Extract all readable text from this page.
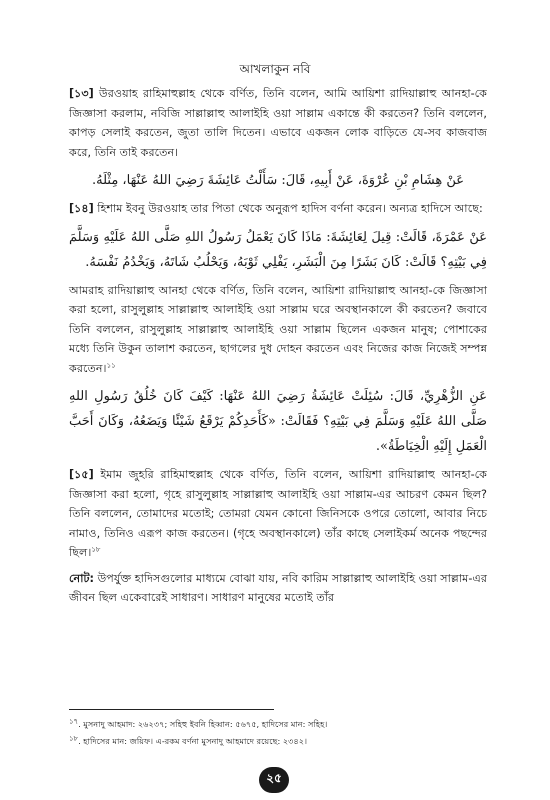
আখলাকুন নবি

[১৩] উরওয়াহ রাহিমাহুল্লাহ থেকে বর্ণিত, তিনি বলেন, আমি আয়িশা রাদিয়াল্লাহু আনহা-কে জিজ্ঞাসা করলাম, নবিজি সাল্লাল্লাহু আলাইহি ওয়া সাল্লাম একান্তে কী করতেন? তিনি বললেন, কাপড় সেলাই করতেন, জুতা তালি দিতেন। এভাবে একজন লোক বাড়িতে যে-সব কাজবাজ করে, তিনি তাই করতেন।

عَنْ هِشَامِ بْنِ عُرْوَةَ، عَنْ أَبِيهِ، قَالَ: سَأَلْتُ عَائِشَةَ رَضِيَ اللهُ عَنْهَا، مِثْلَهُ.

[১৪] হিশাম ইবনু উরওয়াহ তার পিতা থেকে অনুরূপ হাদিস বর্ণনা করেন। অন্যত্র হাদিসে আছে:

عَنْ عَمْرَةَ، قَالَتْ: قِيلَ لِعَائِشَةَ: مَاذَا كَانَ يَعْمَلُ رَسُولُ اللهِ صَلَّى اللهُ عَلَيْهِ وَسَلَّمَ فِي بَيْتِهِ؟ قَالَتْ: كَانَ بَشَرًا مِنَ الْبَشَرِ، يَفْلِي ثَوْبَهُ، وَيَحْلُبُ شَاتَهُ، وَيَخْدُمُ نَفْسَهُ.

আমরাহ রাদিয়াল্লাহু আনহা থেকে বর্ণিত, তিনি বলেন, আয়িশা রাদিয়াল্লাহু আনহা-কে জিজ্ঞাসা করা হলো, রাসুলুল্লাহ সাল্লাল্লাহু আলাইহি ওয়া সাল্লাম ঘরে অবস্থানকালে কী করতেন? জবাবে তিনি বললেন, রাসুলুল্লাহ সাল্লাল্লাহু আলাইহি ওয়া সাল্লাম ছিলেন একজন মানুষ; পোশাকের মধ্যে তিনি উকুন তালাশ করতেন, ছাগলের দুধ দোহন করতেন এবং নিজের কাজ নিজেই সম্পন্ন করতেন।$^{১১}$

عَنِ الزُّهْرِيِّ، قَالَ: سُئِلَتْ عَائِشَةُ رَضِيَ اللهُ عَنْهَا: كَيْفَ كَانَ خُلُقُ رَسُولِ اللهِ صَلَّى اللهُ عَلَيْهِ وَسَلَّمَ فِي بَيْتِهِ؟ فَقَالَتْ: «كَأَحَدِكُمْ يَرْقَعُ شَيْئًا وَيَضَعُهُ، وَكَانَ أَحَبَّ الْعَمَلِ إِلَيْهِ الْخِيَاطَةُ».

[১৫] ইমাম জুহরি রাহিমাহুল্লাহ থেকে বর্ণিত, তিনি বলেন, আয়িশা রাদিয়াল্লাহু আনহা-কে জিজ্ঞাসা করা হলো, গৃহে রাসুলুল্লাহ সাল্লাল্লাহু আলাইহি ওয়া সাল্লাম-এর আচরণ কেমন ছিল? তিনি বললেন, তোমাদের মতোই; তোমরা যেমন কোনো জিনিসকে ওপরে তোলো, আবার নিচে নামাও, তিনিও এরূপ কাজ করতেন। (গৃহে অবস্থানকালে) তাঁর কাছে সেলাইকর্ম অনেক পছন্দের ছিল।$^{১৮}$

নোট: উপর্যুক্ত হাদিসগুলোর মাধ্যমে বোঝা যায়, নবি কারিম সাল্লাল্লাহু আলাইহি ওয়া সাল্লাম-এর জীবন ছিল একেবারেই সাধারণ। সাধারণ মানুষের মতোই তাঁর

$^{১৭}$. মুসনাদু আহমাদ: ২৬২৩৭; সহিহু ইবনি হিব্বান: ৫৬৭৫, হাদিসের মান: সহিহ।
$^{১৮}$. হাদিসের মান: জয়িফ। এ-রকম বর্ণনা মুসনাদু আহমাদে রয়েছে: ২৩৪২।
২৫
